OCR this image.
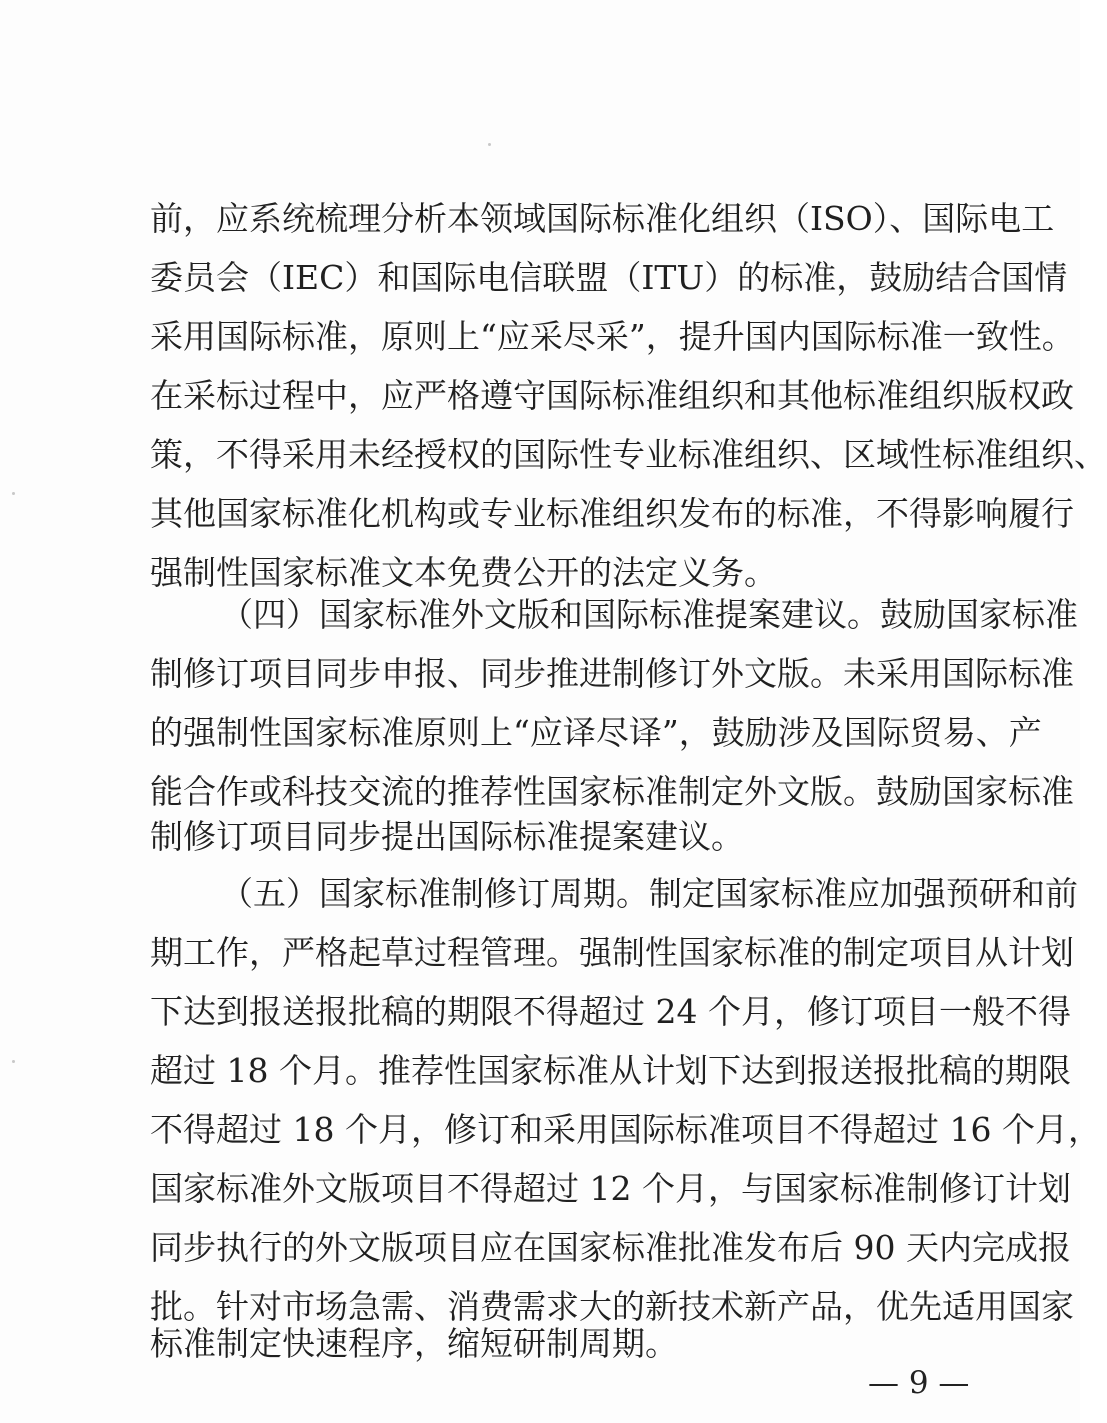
前，应系统梳理分析本领域国际标准化组织（ISO）、国际电工
委员会（IEC）和国际电信联盟（ITU）的标准，鼓励结合国情
采用国际标准，原则上“应采尽采”，提升国内国际标准一致性。
在采标过程中，应严格遵守国际标准组织和其他标准组织版权政
策，不得采用未经授权的国际性专业标准组织、区域性标准组织、
其他国家标准化机构或专业标准组织发布的标准，不得影响履行
强制性国家标准文本免费公开的法定义务。
（四）国家标准外文版和国际标准提案建议。鼓励国家标准
制修订项目同步申报、同步推进制修订外文版。未采用国际标准
的强制性国家标准原则上“应译尽译”，鼓励涉及国际贸易、产
能合作或科技交流的推荐性国家标准制定外文版。鼓励国家标准
制修订项目同步提出国际标准提案建议。
（五）国家标准制修订周期。制定国家标准应加强预研和前
期工作，严格起草过程管理。强制性国家标准的制定项目从计划
下达到报送报批稿的期限不得超过 24 个月，修订项目一般不得
超过 18 个月。推荐性国家标准从计划下达到报送报批稿的期限
不得超过 18 个月，修订和采用国际标准项目不得超过 16 个月，
国家标准外文版项目不得超过 12 个月，与国家标准制修订计划
同步执行的外文版项目应在国家标准批准发布后 90 天内完成报
批。针对市场急需、消费需求大的新技术新产品，优先适用国家
标准制定快速程序，缩短研制周期。
— 9 —
